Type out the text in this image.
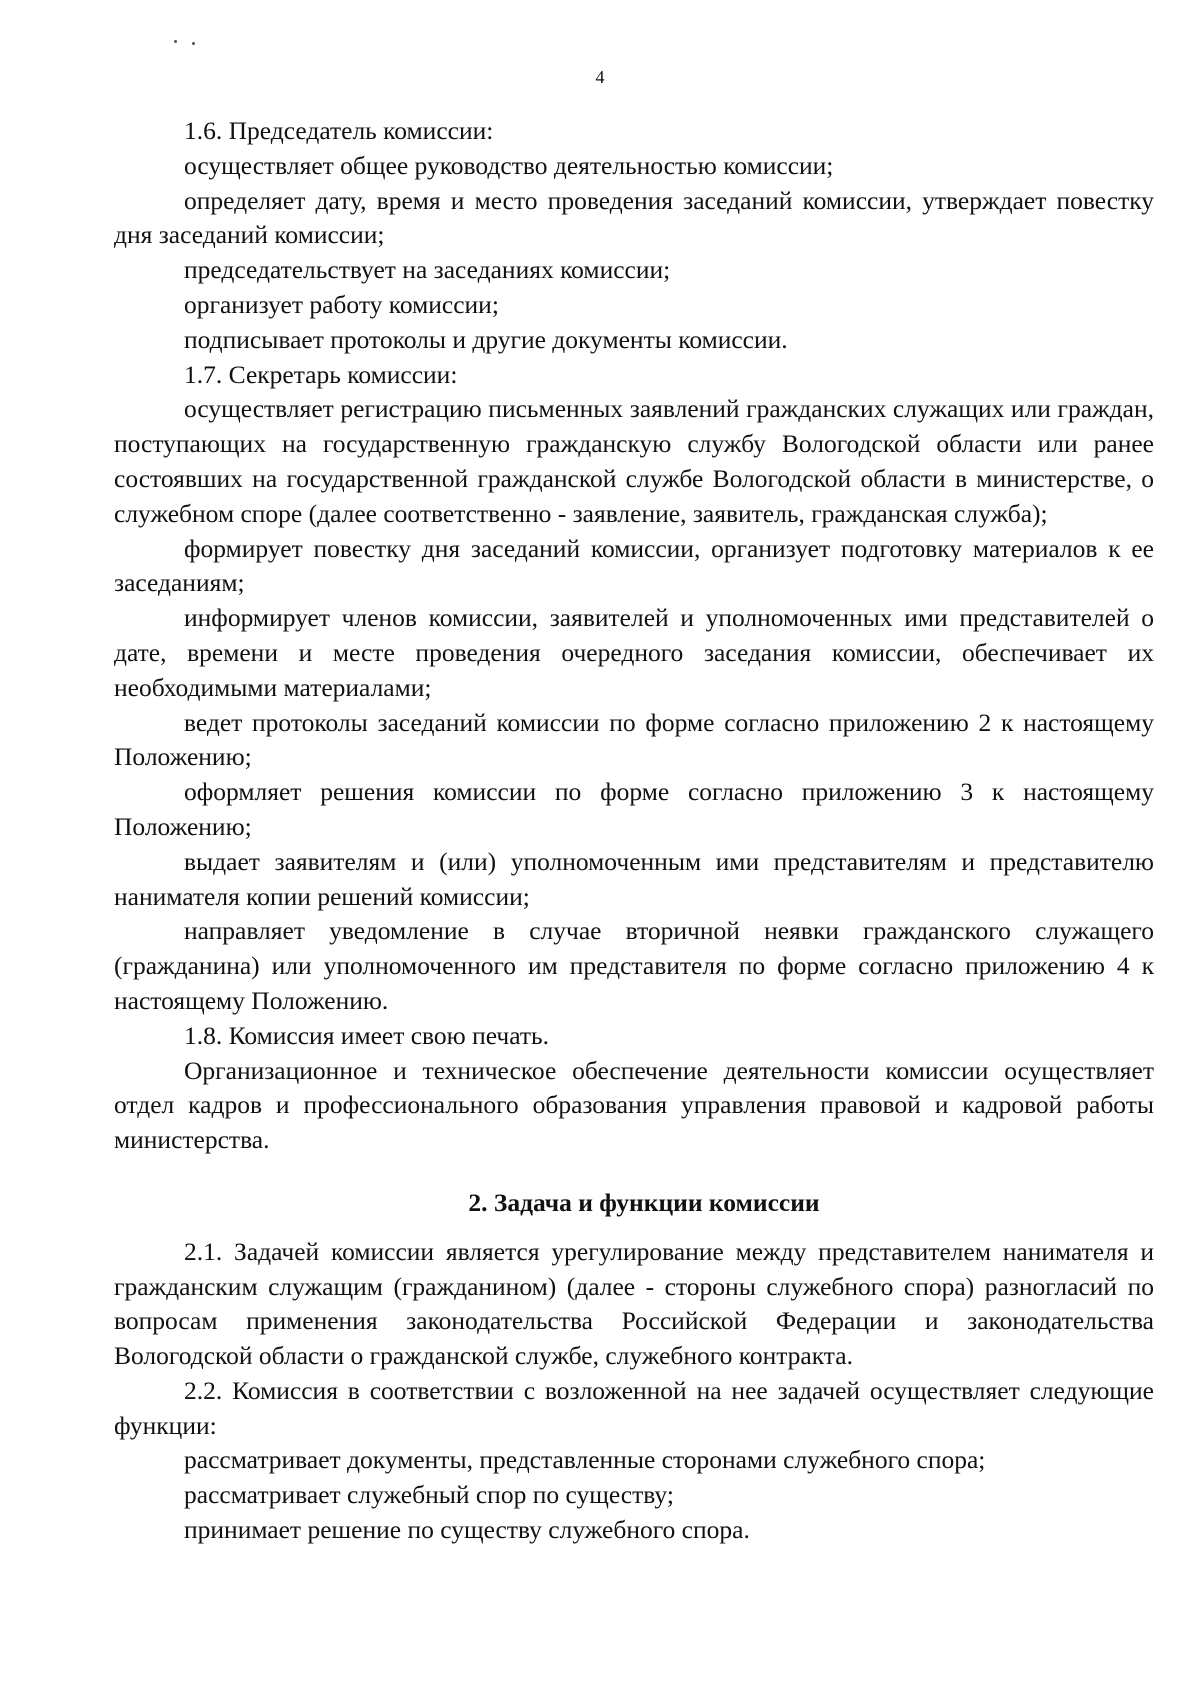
4

1.6. Председатель комиссии:

осуществляет общее руководство деятельностью комиссии;

определяет дату, время и место проведения заседаний комиссии, утверждает повестку дня заседаний комиссии;

председательствует на заседаниях комиссии;

организует работу комиссии;

подписывает протоколы и другие документы комиссии.

1.7. Секретарь комиссии:

осуществляет регистрацию письменных заявлений гражданских служащих или граждан, поступающих на государственную гражданскую службу Вологодской области или ранее состоявших на государственной гражданской службе Вологодской области в министерстве, о служебном споре (далее соответственно - заявление, заявитель, гражданская служба);

формирует повестку дня заседаний комиссии, организует подготовку материалов к ее заседаниям;

информирует членов комиссии, заявителей и уполномоченных ими представителей о дате, времени и месте проведения очередного заседания комиссии, обеспечивает их необходимыми материалами;

ведет протоколы заседаний комиссии по форме согласно приложению 2 к настоящему Положению;

оформляет решения комиссии по форме согласно приложению 3 к настоящему Положению;

выдает заявителям и (или) уполномоченным ими представителям и представителю нанимателя копии решений комиссии;

направляет уведомление в случае вторичной неявки гражданского служащего (гражданина) или уполномоченного им представителя по форме согласно приложению 4 к настоящему Положению.

1.8. Комиссия имеет свою печать.

Организационное и техническое обеспечение деятельности комиссии осуществляет отдел кадров и профессионального образования управления правовой и кадровой работы министерства.

2. Задача и функции комиссии

2.1. Задачей комиссии является урегулирование между представителем нанимателя и гражданским служащим (гражданином) (далее - стороны служебного спора) разногласий по вопросам применения законодательства Российской Федерации и законодательства Вологодской области о гражданской службе, служебного контракта.

2.2. Комиссия в соответствии с возложенной на нее задачей осуществляет следующие функции:

рассматривает документы, представленные сторонами служебного спора;

рассматривает служебный спор по существу;

принимает решение по существу служебного спора.
